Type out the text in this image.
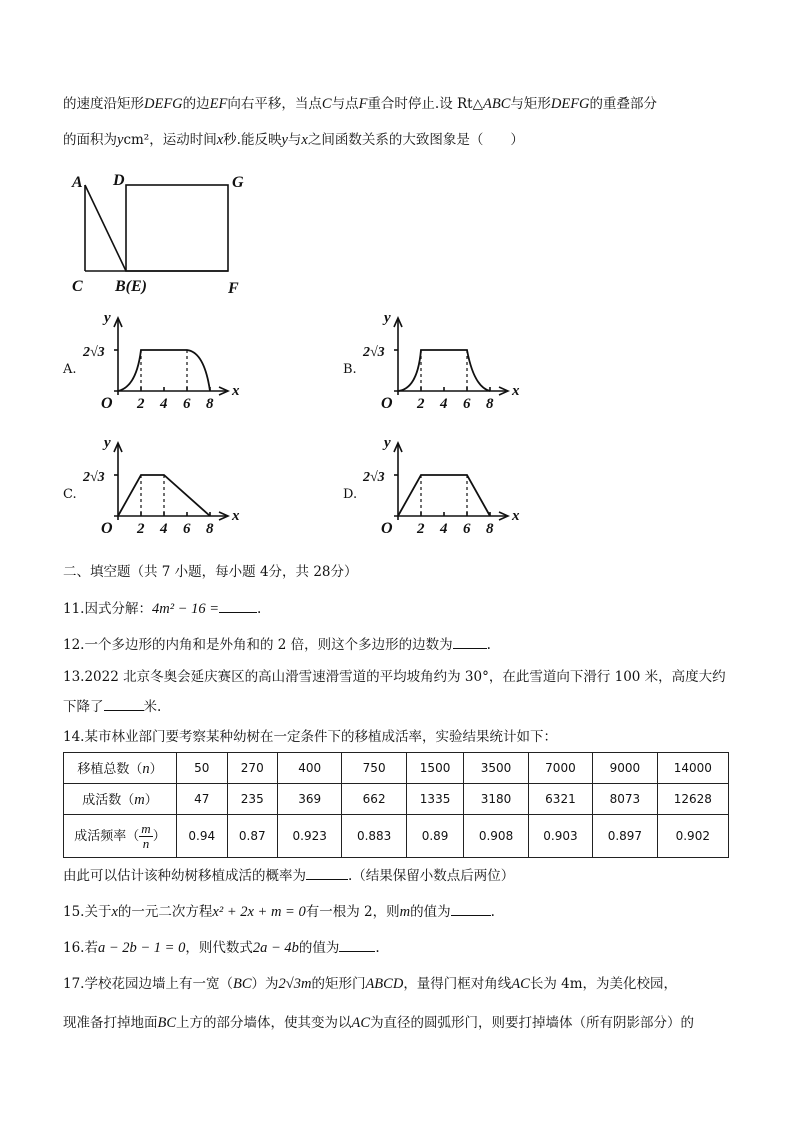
的速度沿矩形DEFG的边EF向右平移，当点C与点F重合时停止.设 Rt△ABC与矩形DEFG的重叠部分
的面积为ycm²，运动时间x秒.能反映y与x之间函数关系的大致图象是（　　）
A D	G
C B(E)	F
A.	B.
C.	D.
y
x
O
2√3
2 4 6 8
y
x
O
2√3
2 4 6 8
y
x
O
2√3
2 4 6 8
y
x
O
2√3
2 4 6 8
二、填空题（共 7 小题，每小题 4分，共 28分）
11.因式分解：4m² − 16 =	.
12.一个多边形的内角和是外角和的 2 倍，则这个多边形的边数为	.
13.2022 北京冬奥会延庆赛区的高山滑雪速滑雪道的平均坡角约为 30°，在此雪道向下滑行 100 米，高度大约
下降了	米.
14.某市林业部门要考察某种幼树在一定条件下的移植成活率，实验结果统计如下：
移植总数（n）	50	270	400	750	1500	3500	7000	9000	14000
成活数（m）	47	235	369	662	1335	3180	6321	8073	12628
成活频率（ $\frac{m}{n}$ ）	0.94	0.87	0.923	0.883	0.89	0.908	0.903	0.897	0.902
由此可以估计该种幼树移植成活的概率为	.（结果保留小数点后两位）
15.关于x的一元二次方程x² + 2x + m = 0有一根为 2，则m的值为	.
16.若a − 2b − 1 = 0，则代数式2a − 4b的值为	.
17.学校花园边墙上有一宽（BC）为2√3m的矩形门ABCD，量得门框对角线AC长为 4m，为美化校园，
现准备打掉地面BC上方的部分墙体，使其变为以AC为直径的圆弧形门，则要打掉墙体（所有阴影部分）的
